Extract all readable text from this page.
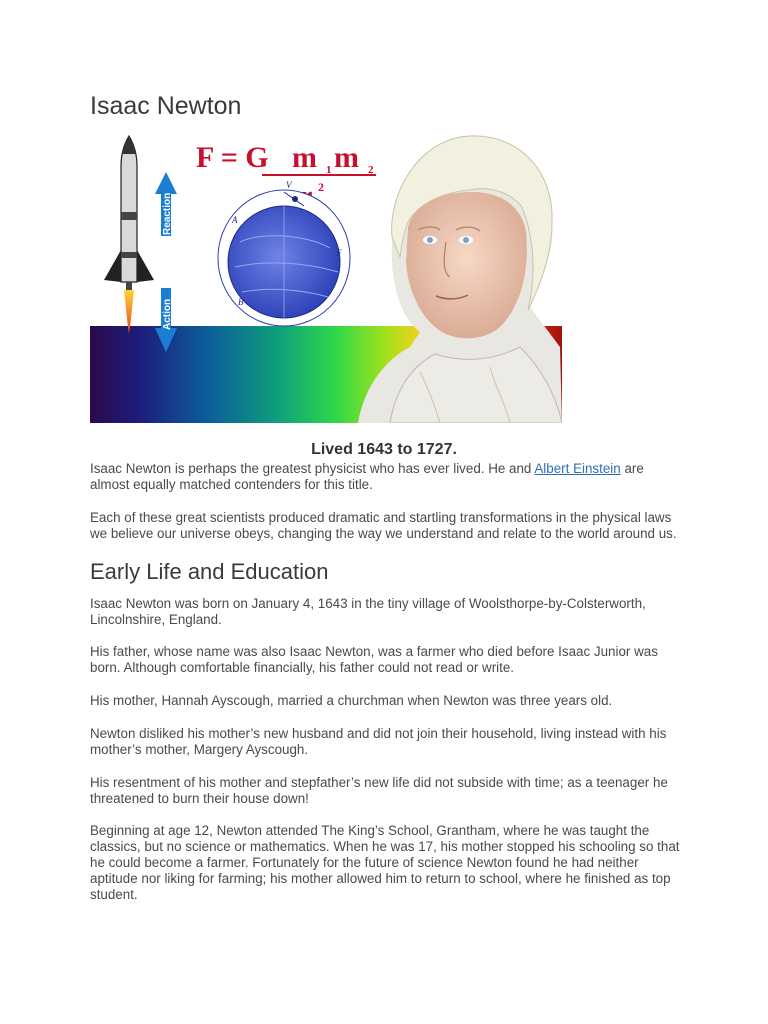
Isaac Newton
Reaction
Action
F = G m 1 m 2
2
V
A
B
F
Lived 1643 to 1727.

Isaac Newton is perhaps the greatest physicist who has ever lived. He and Albert Einstein are almost equally matched contenders for this title.

Each of these great scientists produced dramatic and startling transformations in the physical laws we believe our universe obeys, changing the way we understand and relate to the world around us.

Early Life and Education

Isaac Newton was born on January 4, 1643 in the tiny village of Woolsthorpe-by-Colsterworth, Lincolnshire, England.

His father, whose name was also Isaac Newton, was a farmer who died before Isaac Junior was born. Although comfortable financially, his father could not read or write.

His mother, Hannah Ayscough, married a churchman when Newton was three years old.

Newton disliked his mother’s new husband and did not join their household, living instead with his mother’s mother, Margery Ayscough.

His resentment of his mother and stepfather’s new life did not subside with time; as a teenager he threatened to burn their house down!

Beginning at age 12, Newton attended The King’s School, Grantham, where he was taught the classics, but no science or mathematics. When he was 17, his mother stopped his schooling so that he could become a farmer. Fortunately for the future of science Newton found he had neither aptitude nor liking for farming; his mother allowed him to return to school, where he finished as top student.
